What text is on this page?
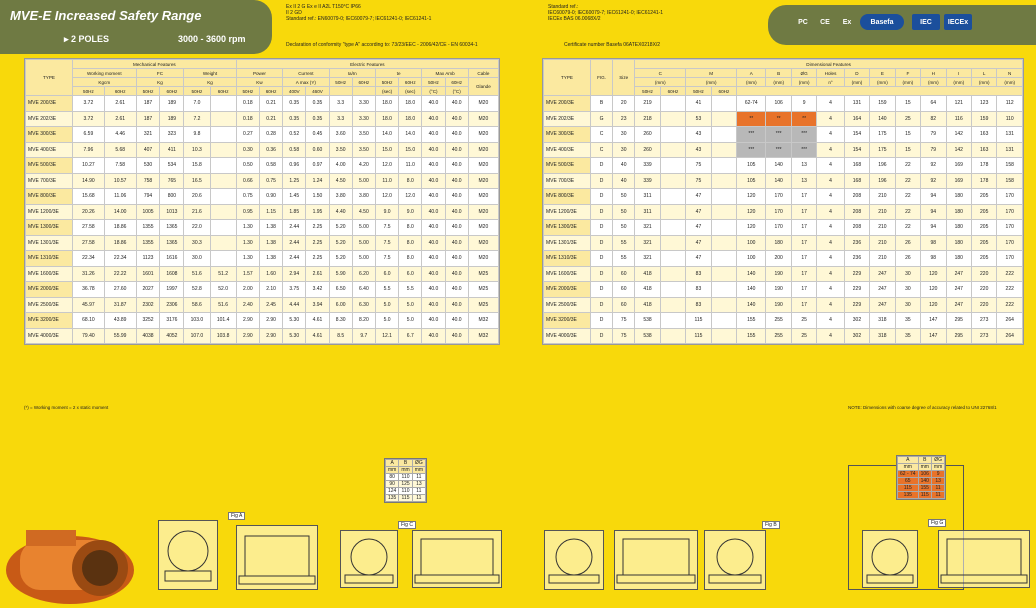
MVE-E Increased Safety Range
▸ 2 POLES	3000 - 3600 rpm
Ex II 2 G Ex e II A2L T150°C IP66
II 2 GD
Standard ref.: EN60079-0; IEC60079-7; IEC61241-0; IEC61241-1
Declaration of conformity "type A" according to: 73/23/EEC - 2006/42/CE - EN 60034-1
TYPE	Mechanical Features						Electric Features										
	Working moment		FC		Weight		Power		Current		Ia/In		te		Max Amb		Cable
	Kgcm		Kg		Kg		Kw		A max (Y)		50Hz	60Hz	50Hz	60Hz	50Hz	60Hz	Glande
	50Hz	60Hz	50Hz	60Hz	50Hz	60Hz	50Hz	60Hz	400V	460V			(sec)	(sec)	(°C)	(°C)	
MVE 200/3E	3.72	2.61	187	189	7.0		0.18	0.21	0.35	0.35	3.3	3.30	18.0	18.0	40.0	40.0	M20
MVE 202/3E	3.72	2.61	187	189	7.2		0.18	0.21	0.35	0.35	3.3	3.30	18.0	18.0	40.0	40.0	M20
MVE 300/3E	6.59	4.46	321	323	9.8		0.27	0.28	0.52	0.45	3.60	3.50	14.0	14.0	40.0	40.0	M20
MVE 400/3E	7.96	5.68	407	411	10.3		0.30	0.36	0.58	0.60	3.50	3.50	15.0	15.0	40.0	40.0	M20
MVE 500/3E	10.27	7.58	530	534	15.8		0.50	0.58	0.96	0.97	4.00	4.20	12.0	11.0	40.0	40.0	M20
MVE 700/3E	14.90	10.57	758	765	16.5		0.66	0.75	1.25	1.24	4.50	5.00	11.0	8.0	40.0	40.0	M20
MVE 800/3E	15.68	11.06	794	800	20.6		0.75	0.90	1.45	1.50	3.80	3.80	12.0	12.0	40.0	40.0	M20
MVE 1200/3E	20.26	14.00	1005	1013	21.6		0.95	1.15	1.85	1.95	4.40	4.50	9.0	9.0	40.0	40.0	M20
MVE 1300/3E	27.58	18.86	1355	1365	22.0		1.30	1.38	2.44	2.25	5.20	5.00	7.5	8.0	40.0	40.0	M20
MVE 1301/3E	27.58	18.86	1355	1365	30.3		1.30	1.38	2.44	2.25	5.20	5.00	7.5	8.0	40.0	40.0	M20
MVE 1310/3E	22.34	22.34	1123	1616	30.0		1.30	1.38	2.44	2.25	5.20	5.00	7.5	8.0	40.0	40.0	M20
MVE 1600/3E	31.26	22.22	1601	1608	51.6	51.2	1.57	1.60	2.94	2.61	5.90	6.20	6.0	6.0	40.0	40.0	M25
MVE 2000/3E	36.78	27.60	2027	1997	52.8	52.0	2.00	2.10	3.75	3.42	6.50	6.40	5.5	5.5	40.0	40.0	M25
MVE 2500/3E	45.97	31.87	2302	2306	58.6	51.6	2.40	2.45	4.44	3.94	6.00	6.30	5.0	5.0	40.0	40.0	M25
MVE 3200/3E	68.10	43.89	3252	3176	103.0	101.4	2.90	2.90	5.30	4.61	8.30	8.20	5.0	5.0	40.0	40.0	M32
MVE 4000/3E	79.40	55.99	4038	4052	107.0	103.8	2.90	2.90	5.30	4.61	8.5	9.7	12.1	6.7	40.0	40.0	M32
(*) = Working moment = 2 x static moment
Fig A
A	B	ØG
mm	mm	mm
80	110	11
90	125	13
124	110	11
135	115	11
Fig C
Standard ref.:
IEC60079-0; IEC60079-7; IEC61241-0; IEC61241-1
IECEx BAS 06.0068X/2
Certificate number Basefa 06ATEX0218X/2
PC	CE	Ex	Basefa	IEC	IECEx
TYPE	FIG.	Size	Dimensional Features														
			C		M		A	B	ØG	Holes	D	E	F	H	I	L	N
			(mm)		(mm)		(mm)	(mm)	(mm)	n°	(mm)	(mm)	(mm)	(mm)	(mm)	(mm)	(mm)
			50Hz	60Hz	50Hz	60Hz											
MVE 200/3E	B	20	219		41		62-74	106	9	4	131	159	15	64	121	123	112
MVE 202/3E	G	23	218		53		**	**	**	4	164	140	25	82	116	159	110
MVE 300/3E	C	30	260		43		***	***	***	4	154	175	15	79	142	163	131
MVE 400/3E	C	30	260		43		***	***	***	4	154	175	15	79	142	163	131
MVE 500/3E	D	40	339		75		105	140	13	4	168	196	22	92	169	178	158
MVE 700/3E	D	40	339		75		105	140	13	4	168	196	22	92	169	178	158
MVE 800/3E	D	50	311		47		120	170	17	4	208	210	22	94	180	205	170
MVE 1200/3E	D	50	311		47		120	170	17	4	208	210	22	94	180	205	170
MVE 1300/3E	D	50	321		47		120	170	17	4	208	210	22	94	180	205	170
MVE 1301/3E	D	55	321		47		100	180	17	4	236	210	26	98	180	205	170
MVE 1310/3E	D	55	321		47		100	200	17	4	236	210	26	98	180	205	170
MVE 1600/3E	D	60	418		83		140	190	17	4	229	247	30	120	247	220	222
MVE 2000/3E	D	60	418		83		140	190	17	4	229	247	30	120	247	220	222
MVE 2500/3E	D	60	418		83		140	190	17	4	229	247	30	120	247	220	222
MVE 3200/3E	D	75	538		115		155	255	25	4	302	318	35	147	295	273	264
MVE 4000/3E	D	75	538		115		155	255	25	4	302	318	35	147	295	273	264
NOTE: Dimensions with coarse degree of accuracy related to UNI 22768/1
Fig B
A	B	ØG
mm	mm	mm
62 - 74	106	9
65	140	13
115	155	11
135	115	11
Fig G
